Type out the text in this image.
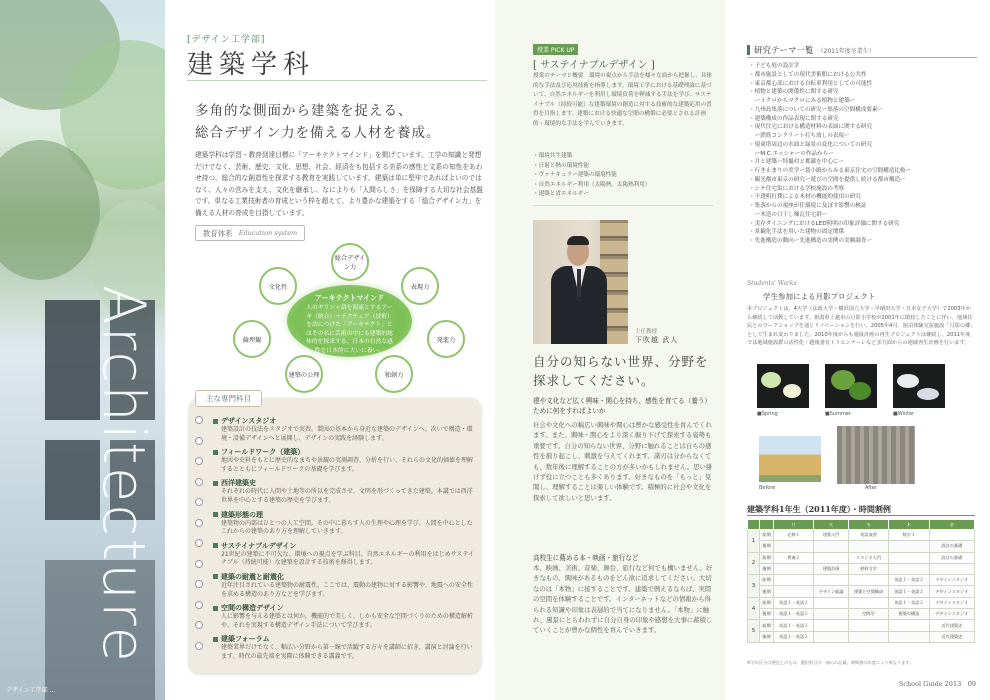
Architecture
デザイン工学部 ...
[デザイン工学部]
建築学科
多角的な側面から建築を捉える、
総合デザイン力を備える人材を養成。

建築学科は学習・教育到達目標に「アーキテクトマインド」を掲げています。工学の知識と発想だけでなく、芸術、歴史、文化、思想、社会、経済をも包括する美系の感性と文系の知性をあわせ持つ、総合的な創造性を探求する教育を実践しています。建築は単に堅牢であればよいのではなく、人々の営みを支え、文化を継承し、なによりも「人間らしさ」を保障する大切な社会基盤です。単なる工業技術者の育成という枠を超えて、より豊かな建築をする「総合デザイン力」を備える人材の育成を目指しています。

教育体系 Education system
アーキテクトマインド
人のギリシャ語を源流とするアーキ（統合）＋テクチェア（技術）を語につけた「アーキテクト」とはその名に芸術の中にも建築的総体的を探求する、日本の自然な感性を日本的に大いに養い。
総合デザイン力
表現力
発進力
独創力
建築の公理
倫理観
文化性
主な専門科目
デザインスタジオ
建築設計の技法をスタジオで実習。製図の基本から身近な建築のデザインへ。次いで構造・環境・設備デザインへと展開し、デザインの実践を経験します。
フィールドワーク（建築）
地図や史料をもとに歴史的なまちや景観の実測調査、分析を行い、それらの文化的価値を理解するとともにフィールドワークの基礎を学びます。
西洋建築史
それぞれの時代に人間や土地等の所以を完成させ、文明を形づくってきた建築。本講では西洋世界を中心とする建築の歴史を学びます。
建築形態の理
建築物の内部はひとつの人工空間。その中に暮らす人の生理や心理を学び、人間を中心としたこれからの建築のあり方を理解していきます。
サステイナブルデザイン
21世紀の建築に不可欠な、環境への視点を学ぶ科目。自然エネルギーの利用をはじめサステイナブル（持続可能）な建築を設計する技術を修得します。
建築の耐震と耐震化
近年注目されている建築物の耐震性。ここでは、震動の建物に対する影響や、地震への安全性を求める構造のあり方などを学びます。
空間の構造デザイン
人に影響を与える建築とは何か。機能的で美しく、しかも安全な空間づくりのための構造解析や、それを実現する構造デザイン手法について学びます。
建築フォーラム
建築業界だけでなく、幅広い分野から第一線で活躍する方々を講師に招き、講演と討論を行います。時代の最先端を実際に体験できる講義です。
授業 PICK UP
[ サステイナブルデザイン ]

授業のテーマと概要　環境の視点から手法を様々な面から把握し、具体的な手法及び応用技術を指導します。環境工学における基礎理論に基づいて、自然エネルギーを利用し環境負荷を軽減する手法を学び、サステイナブル（持続可能）な建築環境の創造に対する技術的な建築応用の習得を目指します。建築における快適な空間の構築に必要とされる計画的・環境的な手法を学んでいきます。

・環境共生建築
・日射と熱の環境性能
・ヴァナキュラー建築の環境性能
・自然エネルギー利用（太陽熱、太陽熱利用）
・建築と省エネルギー
主任教授
下吹越 武人
自分の知らない世界、分野を
探求してください。
建や文化など広く興味・関心を持ち、感性を育てる（養う）ために何をすればよいか

社会や文化への幅広い興味や関心は豊かな感受性を育んでくれます。また、興味・関心をより深く掘り下げて探索する姿勢も重要です。自分の知らない世界、分野に触れることは自らの感性を掘り起こし、刺激を与えてくれます。諸刃は分からなくても、数年後に理解することの方が多いかもしれません。思い掛けず役に立つことも多くあります。好きなものを「もっと」見聞し、理解することは楽しい体験です。積極的に社会や文化を探索して欲しいと思います。

高校生に薦める本・映画・旅行など

本、映画、美術、音楽、舞台、旅行など何でも構いません。好きなもの、興味があるものをどん欲に追求してください。大切なのは「本物」に接することです。建築で例えるならば、実際の空間を体験することです。インターネットなどの情報から得られる知識や印象は表層的で当てになりません。「本物」に触れ、風景にとらわれずに自分自身の印象や感想を大事に蓄積していくことが豊かな個性を育んでいきます。

研究テーマ一覧 （2011年度卒業生）
・子ども庭の設計学
・都市施設としての現代美術館における公共性
・東京都心部における自転車利用としての可能性
・植物と建築の関係性に関する研究
　ーミクロからマクロにみる植物と建築ー
・九州島集落についての研究ー集落の空間構成要素ー
・建築構成の作品表現に関する研究
・現代住宅における構造材料の表面に関する研究
　ー鉄筋コンクリート打ち放しの表現ー
・現東塔周辺の水面と緑景の変化についての研究
　ーM.C.エッシャーの作品からー
・月と建築ー特撮対と都鄙を中心にー
・行き止まりの美学ー袋小路からみる東京住宅の空間構造比較ー
・観光都市東京の研究ー遊びの空間を提供し続ける都市構造ー
・シテ住宅街における学校施設の考察
・不透明打撲による木材の機能的使用の研究
・集落からの視座が住環境に及ぼす影響の検証
　ー木造の日干し煉瓦住宅群ー
・実存ダイニングにおけるLED照明の印象評価に関する研究
・景観化手法を用いた建物の固定関係
・先進構造の動向ー先進構造の実例の実験調査ー
Students' Works
学生参加による月影プロジェクト

本プロジェクトは、4大学（法政大学・横浜国立大学・早稲田大学・日本女子大学）で2003年から継続して活動しています。新潟県上越市の月影小学校が2001年に閉校したことに伴い、地域住民とのワークショップを通じリノベーションを行い、2005年4月、宿泊体験交流施設「月影の郷」として生まれ変わりました。2010年度からも施設計画の再生プロジェクトは継続し、2011年度では地域施設群の活性化・越後妻有トリエンナーレなど多方面からの地域再生計画を行います。

■Spring	■Summer	■Winter
Before	After
建築学科1年生（2011年度）・時間割例
		月	火	水	木	金
1	前期	必修１	建築入門	英語演習	数学１	
	後期					設計の基礎
2	前期	教養２		スタジオ入門		設計の基礎
	後期		建築計画	材料力学		
3	前期				英語１・英語２	デザインスタジオ
	後期		デザイン総論	建築と空間構成	英語１・英語２	デザインスタジオ
4	前期	英語１・英語２			英語１・英語２	デザインスタジオ
	後期	英語１・英語２		空間学	建築の構造	デザインスタジオ
5	前期	英語１・英語２				近代建築史
	後期	英語１・英語２				近代建築史
※学年区分は便宜上のもの。選択科目は一部のみ記載。時間割は年度により異なります。
School Guide 2013　09
